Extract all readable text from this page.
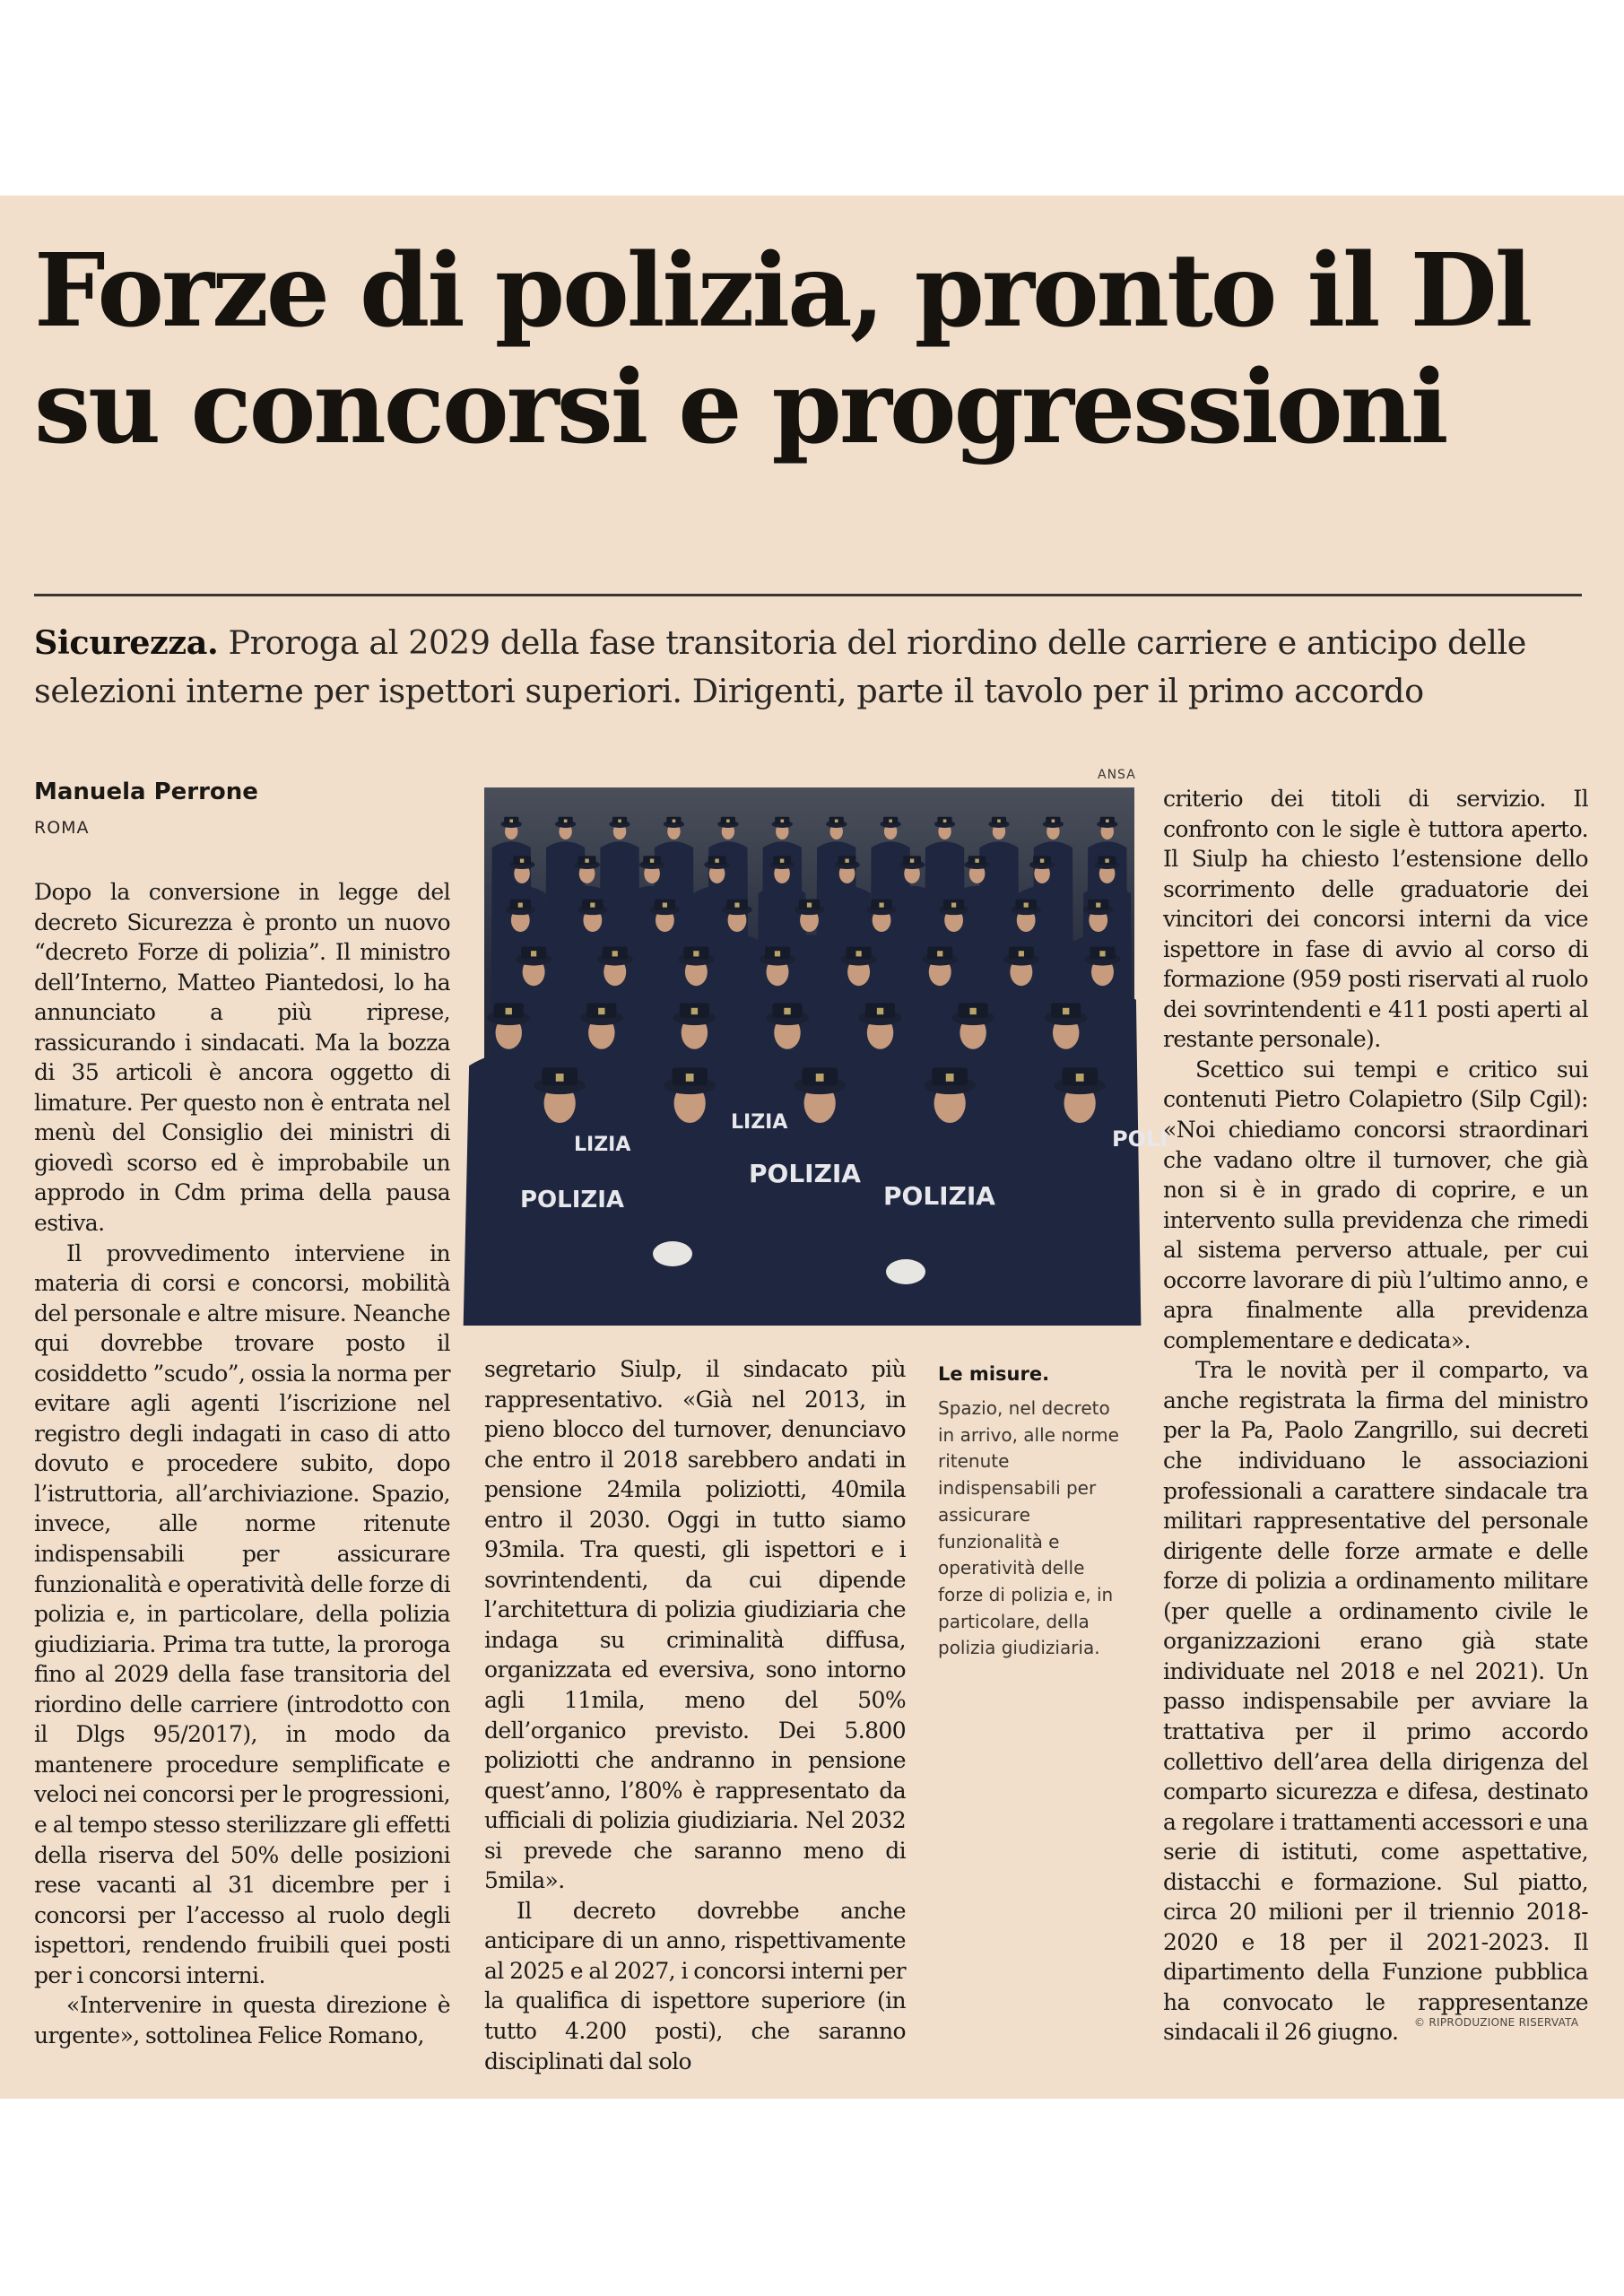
Forze di polizia, pronto il Dl su concorsi e progressioni

Sicurezza. Proroga al 2029 della fase transitoria del riordino delle carriere e anticipo delle selezioni interne per ispettori superiori. Dirigenti, parte il tavolo per il primo accordo

Manuela Perrone
ROMA

Dopo la conversione in legge del decreto Sicurezza è pronto un nuovo “decreto Forze di polizia”. Il ministro dell’Interno, Matteo Piantedosi, lo ha annunciato a più riprese, rassicurando i sindacati. Ma la bozza di 35 articoli è ancora oggetto di limature. Per questo non è entrata nel menù del Consiglio dei ministri di giovedì scorso ed è improbabile un approdo in Cdm prima della pausa estiva.

Il provvedimento interviene in materia di corsi e concorsi, mobilità del personale e altre misure. Neanche qui dovrebbe trovare posto il cosiddetto ”scudo”, ossia la norma per evitare agli agenti l’iscrizione nel registro degli indagati in caso di atto dovuto e procedere subito, dopo l’istruttoria, all’archiviazione. Spazio, invece, alle norme ritenute indispensabili per assicurare funzionalità e operatività delle forze di polizia e, in particolare, della polizia giudiziaria. Prima tra tutte, la proroga fino al 2029 della fase transitoria del riordino delle carriere (introdotto con il Dlgs 95/2017), in modo da mantenere procedure semplificate e veloci nei concorsi per le progressioni, e al tempo stesso sterilizzare gli effetti della riserva del 50% delle posizioni rese vacanti al 31 dicembre per i concorsi per l’accesso al ruolo degli ispettori, rendendo fruibili quei posti per i concorsi interni.

«Intervenire in questa direzione è urgente», sottolinea Felice Romano,

ANSA
POLIZIA
POLIZIA
POLIZIA
LIZIA
LIZIA
POLI
Le misure.

Spazio, nel decreto in arrivo, alle norme ritenute indispensabili per assicurare funzionalità e operatività delle forze di polizia e, in particolare, della polizia giudiziaria.

segretario Siulp, il sindacato più rappresentativo. «Già nel 2013, in pieno blocco del turnover, denunciavo che entro il 2018 sarebbero andati in pensione 24mila poliziotti, 40mila entro il 2030. Oggi in tutto siamo 93mila. Tra questi, gli ispettori e i sovrintendenti, da cui dipende l’architettura di polizia giudiziaria che indaga su criminalità diffusa, organizzata ed eversiva, sono intorno agli 11mila, meno del 50% dell’organico previsto. Dei 5.800 poliziotti che andranno in pensione quest’anno, l’80% è rappresentato da ufficiali di polizia giudiziaria. Nel 2032 si prevede che saranno meno di 5mila».

Il decreto dovrebbe anche anticipare di un anno, rispettivamente al 2025 e al 2027, i concorsi interni per la qualifica di ispettore superiore (in tutto 4.200 posti), che saranno disciplinati dal solo

criterio dei titoli di servizio. Il confronto con le sigle è tuttora aperto. Il Siulp ha chiesto l’estensione dello scorrimento delle graduatorie dei vincitori dei concorsi interni da vice ispettore in fase di avvio al corso di formazione (959 posti riservati al ruolo dei sovrintendenti e 411 posti aperti al restante personale).

Scettico sui tempi e critico sui contenuti Pietro Colapietro (Silp Cgil): «Noi chiediamo concorsi straordinari che vadano oltre il turnover, che già non si è in grado di coprire, e un intervento sulla previdenza che rimedi al sistema perverso attuale, per cui occorre lavorare di più l’ultimo anno, e apra finalmente alla previdenza complementare e dedicata».

Tra le novità per il comparto, va anche registrata la firma del ministro per la Pa, Paolo Zangrillo, sui decreti che individuano le associazioni professionali a carattere sindacale tra militari rappresentative del personale dirigente delle forze armate e delle forze di polizia a ordinamento militare (per quelle a ordinamento civile le organizzazioni erano già state individuate nel 2018 e nel 2021). Un passo indispensabile per avviare la trattativa per il primo accordo collettivo dell’area della dirigenza del comparto sicurezza e difesa, destinato a regolare i trattamenti accessori e una serie di istituti, come aspettative, distacchi e formazione. Sul piatto, circa 20 milioni per il triennio 2018-2020 e 18 per il 2021-2023. Il dipartimento della Funzione pubblica ha convocato le rappresentanze sindacali il 26 giugno.	© RIPRODUZIONE RISERVATA
